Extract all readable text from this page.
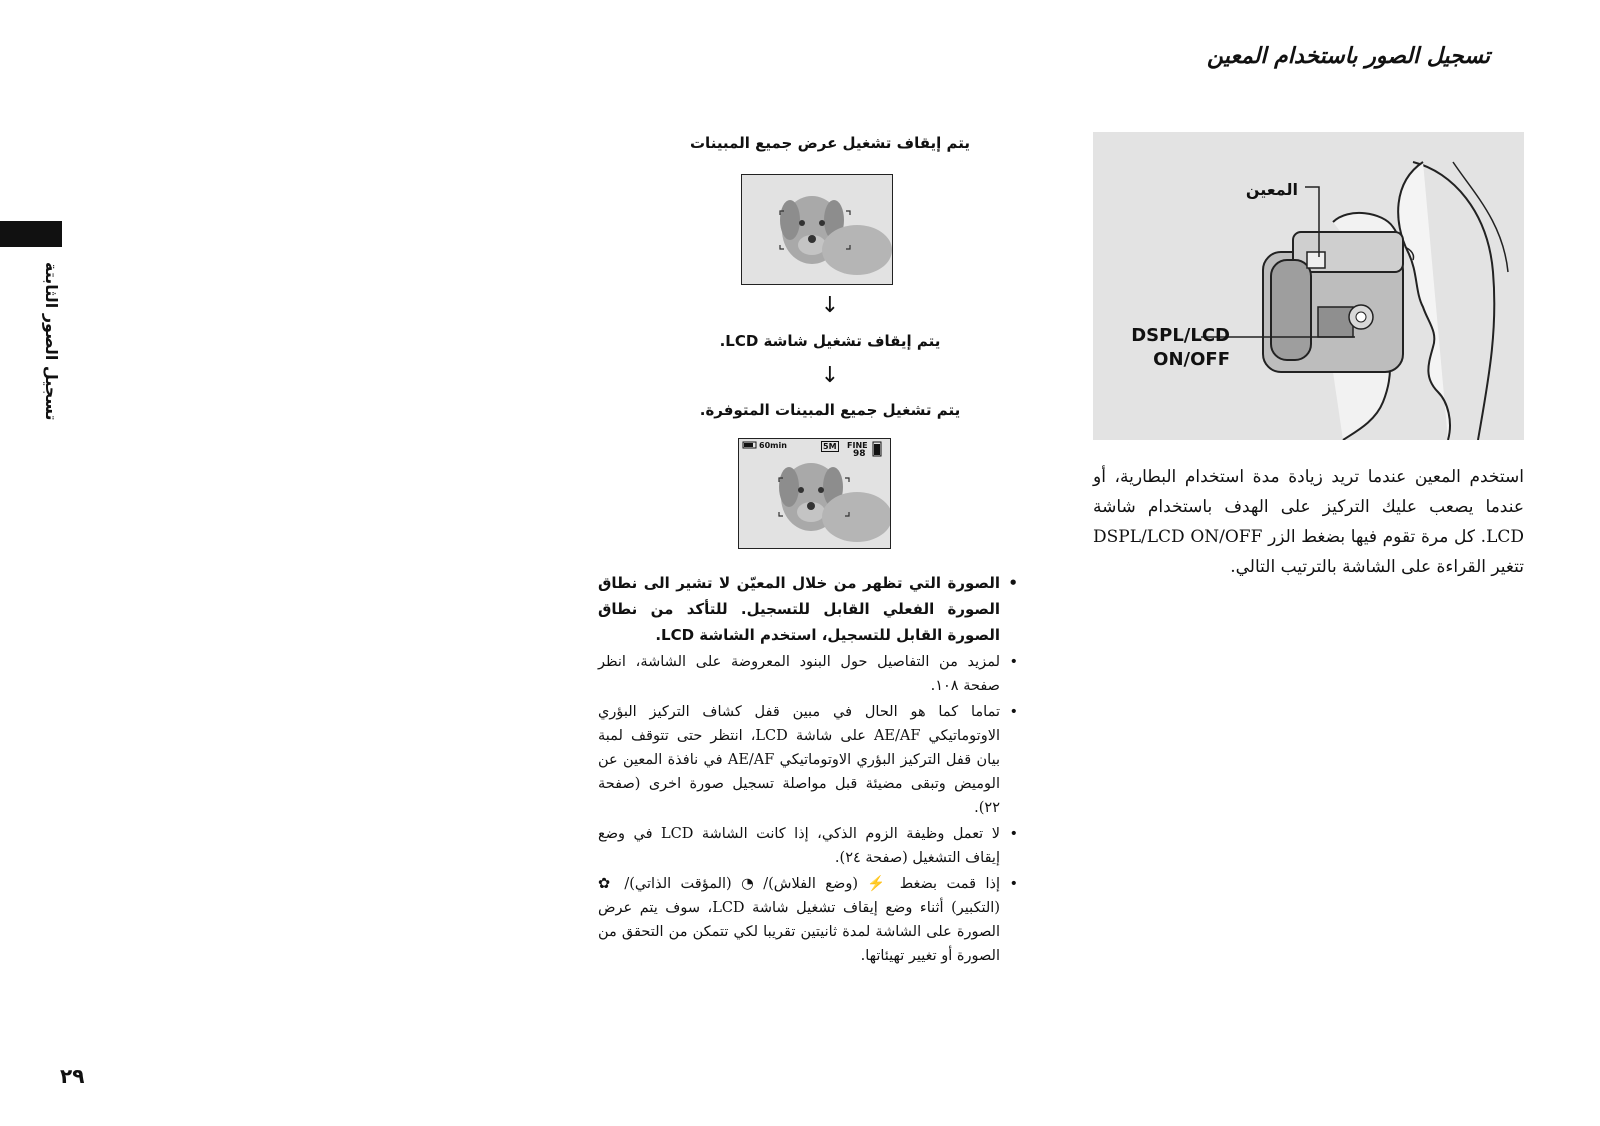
تسجيل الصور باستخدام المعين
تسجيل الصور الثابتة
المعين
DSPL/LCD
ON/OFF
استخدم المعين عندما تريد زيادة مدة استخدام البطارية، أو عندما يصعب عليك التركيز على الهدف باستخدام شاشة LCD. كل مرة تقوم فيها بضغط الزر DSPL/LCD ON/OFF تتغير القراءة على الشاشة بالترتيب التالي.
يتم إيقاف تشغيل عرض جميع المبينات
↓
يتم إيقاف تشغيل شاشة LCD.
↓
يتم تشغيل جميع المبينات المتوفرة.
60min	5M FINE
98
• الصورة التي تظهر من خلال المعيّن لا تشير الى نطاق الصورة الفعلي القابل للتسجيل. للتأكد من نطاق الصورة القابل للتسجيل، استخدم الشاشة LCD.
• لمزيد من التفاصيل حول البنود المعروضة على الشاشة، انظر صفحة ١٠٨.
• تماما كما هو الحال في مبين قفل كشاف التركيز البؤري الاوتوماتيكي AE/AF على شاشة LCD، انتظر حتى تتوقف لمبة بيان قفل التركيز البؤري الاوتوماتيكي AE/AF في نافذة المعين عن الوميض وتبقى مضيئة قبل مواصلة تسجيل صورة اخرى (صفحة ٢٢).
• لا تعمل وظيفة الزوم الذكي، إذا كانت الشاشة LCD في وضع إيقاف التشغيل (صفحة ٢٤).
• إذا قمت بضغط ⚡ (وضع الفلاش)/ ◔ (المؤقت الذاتي)/ ✿ (التكبير) أثناء وضع إيقاف تشغيل شاشة LCD، سوف يتم عرض الصورة على الشاشة لمدة ثانيتين تقريبا لكي تتمكن من التحقق من الصورة أو تغيير تهيئاتها.
٢٩
